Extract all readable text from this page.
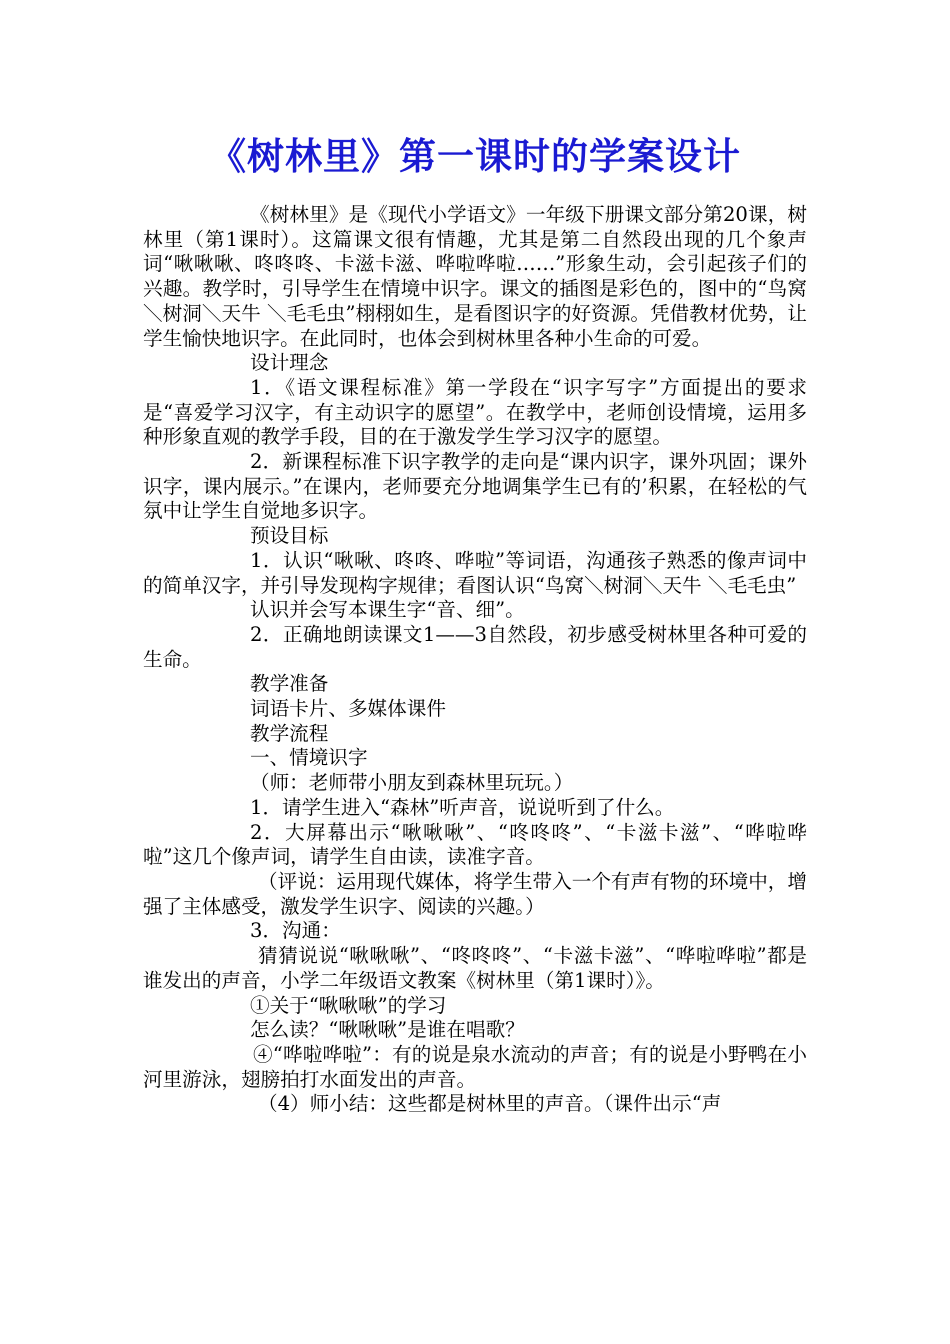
《树林里》第一课时的学案设计

《树林里》是《现代小学语文》一年级下册课文部分第20课，树林里（第1课时）。这篇课文很有情趣，尤其是第二自然段出现的几个象声词“啾啾啾、咚咚咚、卡滋卡滋、哗啦哗啦……”形象生动，会引起孩子们的兴趣。教学时，引导学生在情境中识字。课文的插图是彩色的，图中的“鸟窝＼树洞＼天牛 ＼毛毛虫”栩栩如生，是看图识字的好资源。凭借教材优势，让学生愉快地识字。在此同时，也体会到树林里各种小生命的可爱。

设计理念

1．《语文课程标准》第一学段在“识字写字”方面提出的要求是“喜爱学习汉字，有主动识字的愿望”。在教学中，老师创设情境，运用多种形象直观的教学手段，目的在于激发学生学习汉字的愿望。

2．新课程标准下识字教学的走向是“课内识字，课外巩固；课外识字，课内展示。”在课内，老师要充分地调集学生已有的’积累，在轻松的气氛中让学生自觉地多识字。

预设目标

1．认识“啾啾、咚咚、哗啦”等词语，沟通孩子熟悉的像声词中的简单汉字，并引导发现构字规律；看图认识“鸟窝＼树洞＼天牛 ＼毛毛虫”

认识并会写本课生字“音、细”。

2．正确地朗读课文1——3自然段，初步感受树林里各种可爱的生命。

教学准备

词语卡片、多媒体课件

教学流程

一、情境识字

（师：老师带小朋友到森林里玩玩。）

1．请学生进入“森林”听声音，说说听到了什么。

2．大屏幕出示“啾啾啾”、“咚咚咚”、“卡滋卡滋”、“哗啦哗啦”这几个像声词，请学生自由读，读准字音。

（评说：运用现代媒体，将学生带入一个有声有物的环境中，增强了主体感受，激发学生识字、阅读的兴趣。）

3．沟通：

猜猜说说“啾啾啾”、“咚咚咚”、“卡滋卡滋”、“哗啦哗啦”都是谁发出的声音，小学二年级语文教案《树林里（第1课时）》。

①关于“啾啾啾”的学习

怎么读？“啾啾啾”是谁在唱歌？

④“哗啦哗啦”：有的说是泉水流动的声音；有的说是小野鸭在小河里游泳，翅膀拍打水面发出的声音。

（4）师小结：这些都是树林里的声音。（课件出示“声
